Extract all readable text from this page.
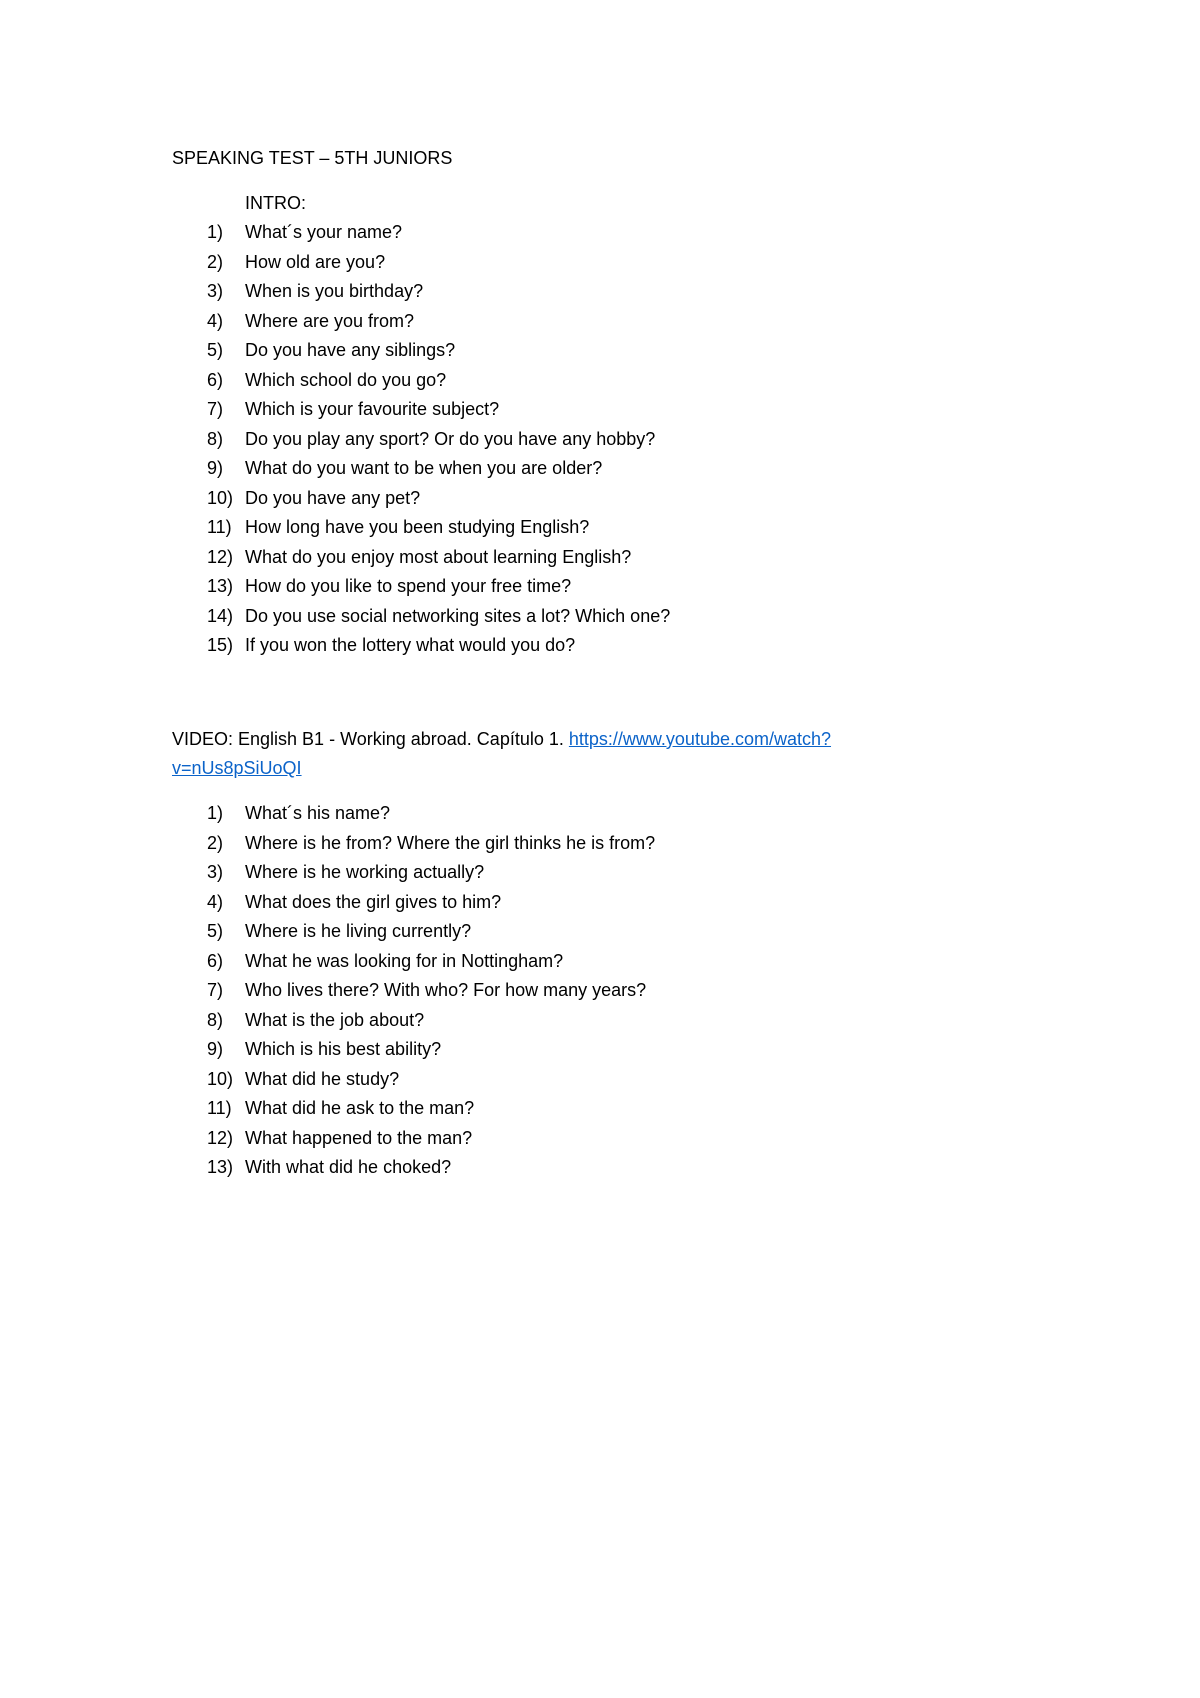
SPEAKING TEST – 5TH JUNIORS
INTRO:
1) What´s your name?
2) How old are you?
3) When is you birthday?
4) Where are you from?
5) Do you have any siblings?
6) Which school do you go?
7) Which is your favourite subject?
8) Do you play any sport? Or do you have any hobby?
9) What do you want to be when you are older?
10) Do you have any pet?
11) How long have you been studying English?
12) What do you enjoy most about learning English?
13) How do you like to spend your free time?
14) Do you use social networking sites a lot? Which one?
15) If you won the lottery what would you do?
VIDEO: English B1 - Working abroad. Capítulo 1. https://www.youtube.com/watch?v=nUs8pSiUoQI
1) What´s his name?
2) Where is he from? Where the girl thinks he is from?
3) Where is he working actually?
4) What does the girl gives to him?
5) Where is he living currently?
6) What he was looking for in Nottingham?
7) Who lives there? With who? For how many years?
8) What is the job about?
9) Which is his best ability?
10) What did he study?
11) What did he ask to the man?
12) What happened to the man?
13) With what did he choked?
